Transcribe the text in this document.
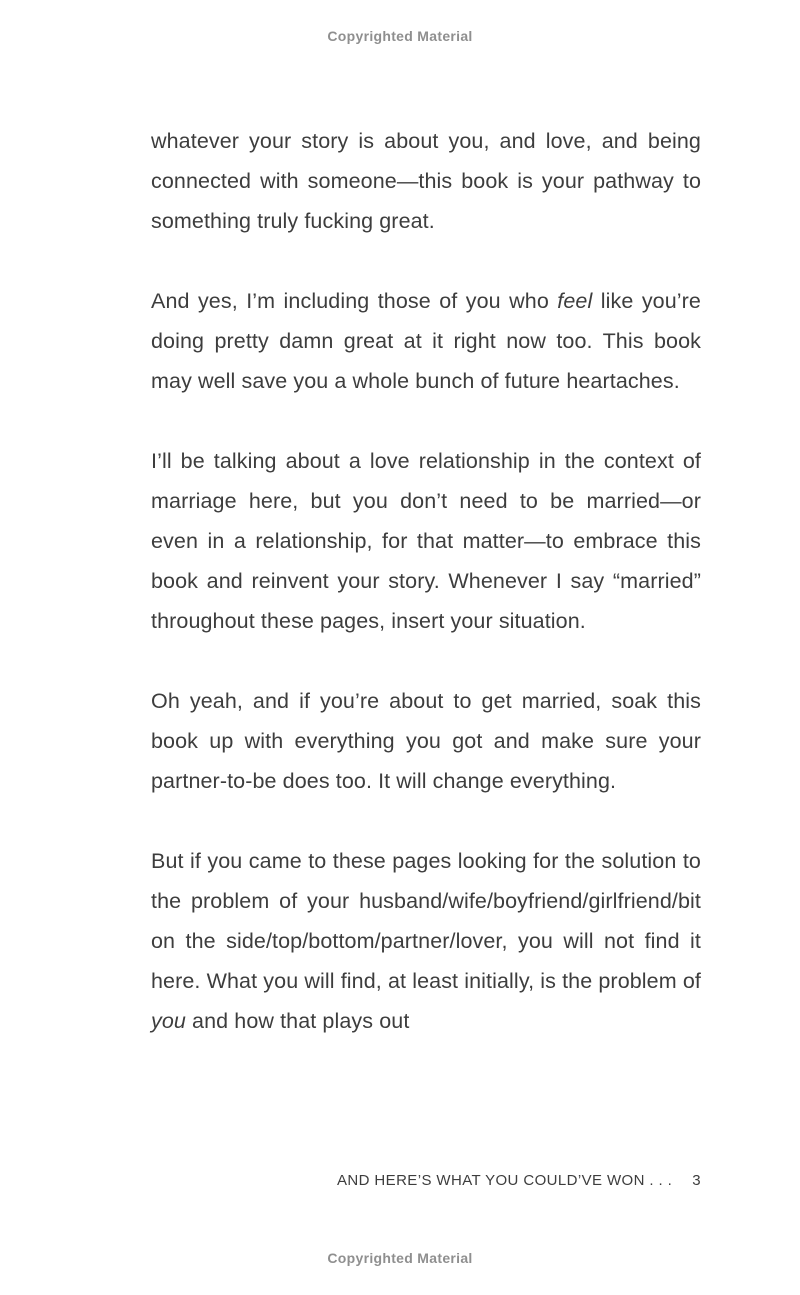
Copyrighted Material

whatever your story is about you, and love, and being connected with someone—this book is your pathway to something truly fucking great.

And yes, I’m including those of you who feel like you’re doing pretty damn great at it right now too. This book may well save you a whole bunch of future heartaches.

I’ll be talking about a love relationship in the context of marriage here, but you don’t need to be married—or even in a relationship, for that matter—to embrace this book and reinvent your story. Whenever I say “married” throughout these pages, insert your situation.

Oh yeah, and if you’re about to get married, soak this book up with everything you got and make sure your partner-to-be does too. It will change everything.

But if you came to these pages looking for the solution to the problem of your husband/wife/boyfriend/girlfriend/bit on the side/top/bottom/partner/lover, you will not find it here. What you will find, at least initially, is the problem of you and how that plays out

AND HERE’S WHAT YOU COULD’VE WON . . . 3
Copyrighted Material
